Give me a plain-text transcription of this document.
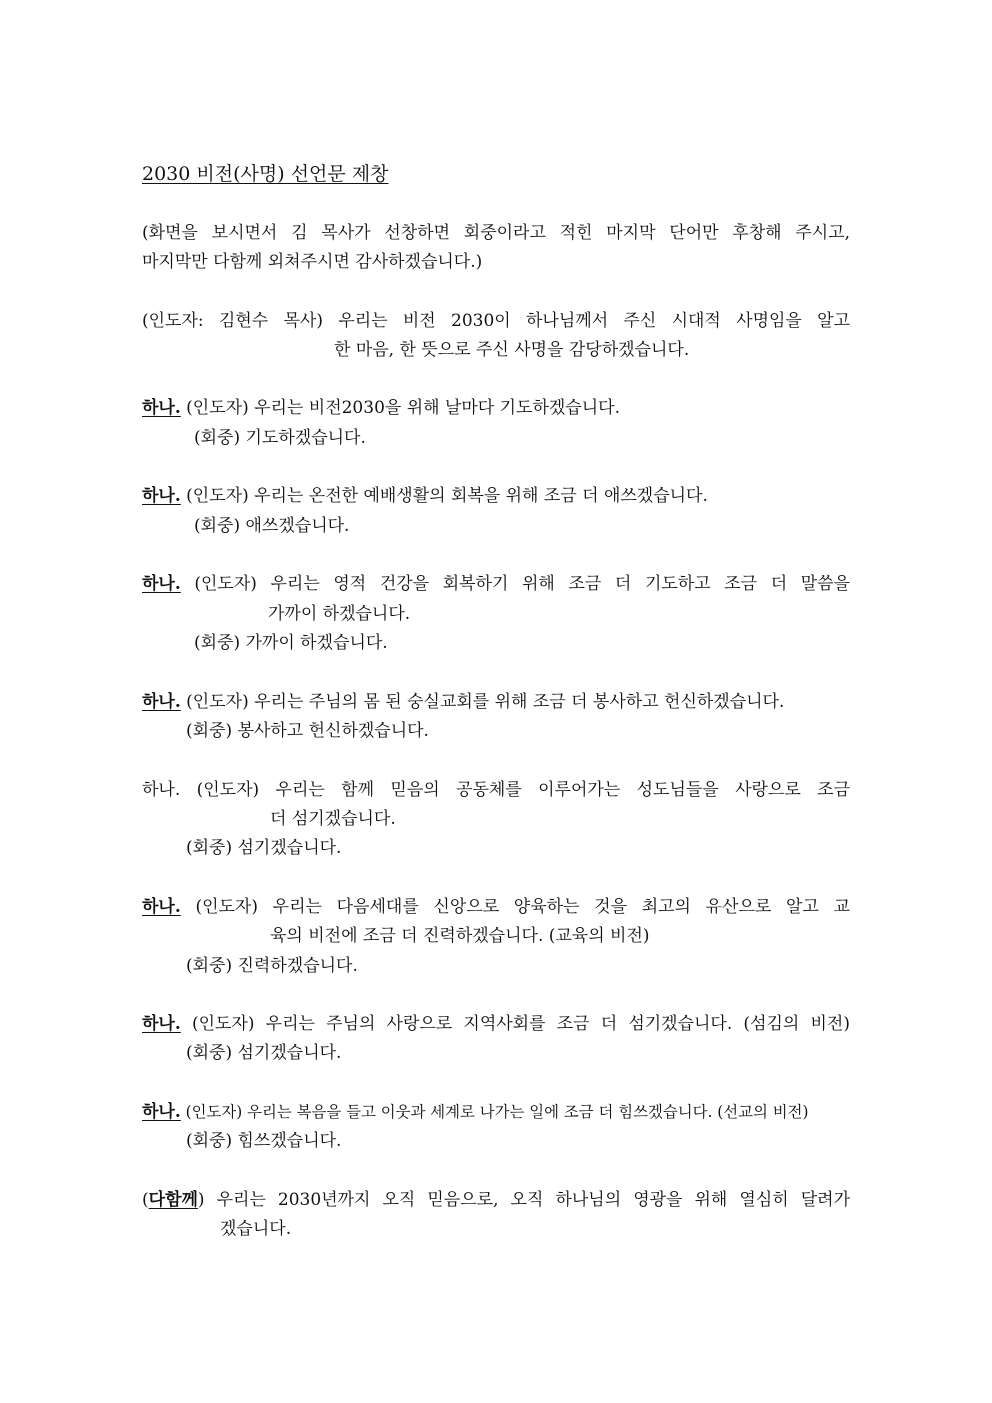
2030 비전(사명) 선언문 제창
(화면을 보시면서 김 목사가 선창하면 회중이라고 적힌 마지막 단어만 후창해 주시고,
마지막만 다함께 외쳐주시면 감사하겠습니다.)
(인도자: 김현수 목사) 우리는 비전 2030이 하나님께서 주신 시대적 사명임을 알고
한 마음, 한 뜻으로 주신 사명을 감당하겠습니다.
하나. (인도자) 우리는 비전2030을 위해 날마다 기도하겠습니다.
(회중) 기도하겠습니다.
하나. (인도자) 우리는 온전한 예배생활의 회복을 위해 조금 더 애쓰겠습니다.
(회중) 애쓰겠습니다.
하나. (인도자) 우리는 영적 건강을 회복하기 위해 조금 더 기도하고 조금 더 말씀을
가까이 하겠습니다.
(회중) 가까이 하겠습니다.
하나. (인도자) 우리는 주님의 몸 된 숭실교회를 위해 조금 더 봉사하고 헌신하겠습니다.
(회중) 봉사하고 헌신하겠습니다.
하나. (인도자) 우리는 함께 믿음의 공동체를 이루어가는 성도님들을 사랑으로 조금
더 섬기겠습니다.
(회중) 섬기겠습니다.
하나. (인도자) 우리는 다음세대를 신앙으로 양육하는 것을 최고의 유산으로 알고 교
육의 비전에 조금 더 진력하겠습니다. (교육의 비전)
(회중) 진력하겠습니다.
하나. (인도자) 우리는 주님의 사랑으로 지역사회를 조금 더 섬기겠습니다. (섬김의 비전)
(회중) 섬기겠습니다.
하나. (인도자) 우리는 복음을 들고 이웃과 세계로 나가는 일에 조금 더 힘쓰겠습니다. (선교의 비전)
(회중) 힘쓰겠습니다.
(다함께) 우리는 2030년까지 오직 믿음으로, 오직 하나님의 영광을 위해 열심히 달려가
겠습니다.
